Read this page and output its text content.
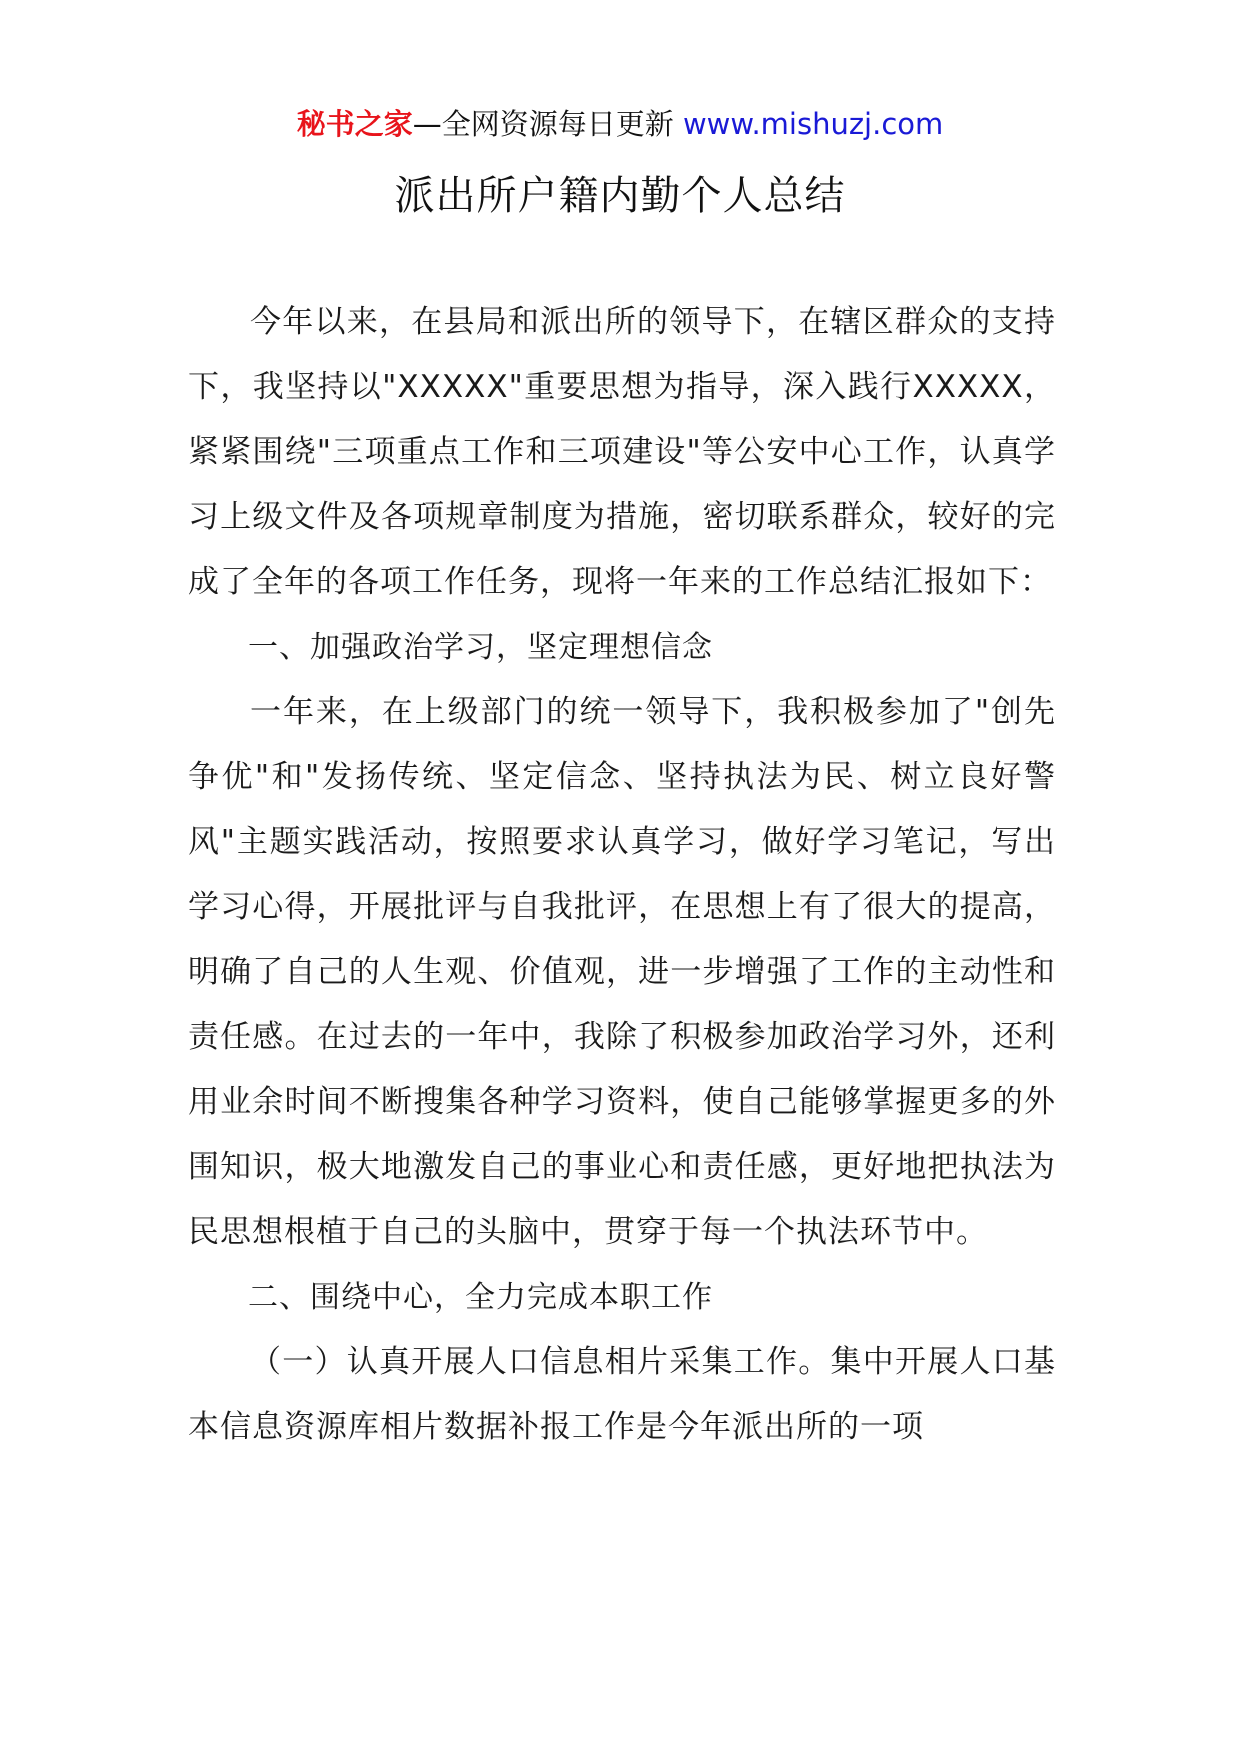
秘书之家—全网资源每日更新 www.mishuzj.com
派出所户籍内勤个人总结

今年以来，在县局和派出所的领导下，在辖区群众的支持下，我坚持以"XXXXX"重要思想为指导，深入践行XXXXX，紧紧围绕"三项重点工作和三项建设"等公安中心工作，认真学习上级文件及各项规章制度为措施，密切联系群众，较好的完成了全年的各项工作任务，现将一年来的工作总结汇报如下：

一、加强政治学习，坚定理想信念

一年来，在上级部门的统一领导下，我积极参加了"创先争优"和"发扬传统、坚定信念、坚持执法为民、树立良好警风"主题实践活动，按照要求认真学习，做好学习笔记，写出学习心得，开展批评与自我批评，在思想上有了很大的提高，明确了自己的人生观、价值观，进一步增强了工作的主动性和责任感。在过去的一年中，我除了积极参加政治学习外，还利用业余时间不断搜集各种学习资料，使自己能够掌握更多的外围知识，极大地激发自己的事业心和责任感，更好地把执法为民思想根植于自己的头脑中，贯穿于每一个执法环节中。

二、围绕中心，全力完成本职工作

（一）认真开展人口信息相片采集工作。集中开展人口基本信息资源库相片数据补报工作是今年派出所的一项
